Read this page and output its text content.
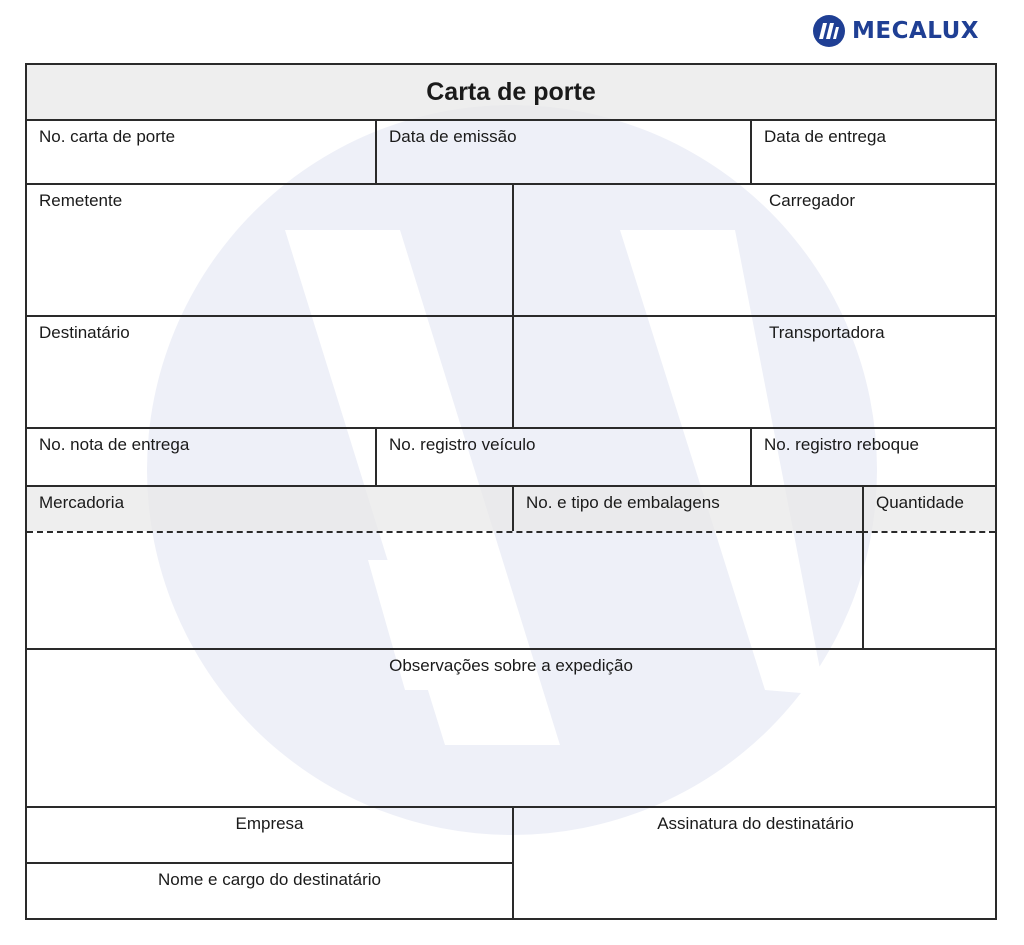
MECALUX
Carta de porte
No. carta de porte	Data de emissão	Data de entrega
Remetente	Carregador
Destinatário	Transportadora
No. nota de entrega	No. registro veículo	No. registro reboque
Mercadoria	No. e tipo de embalagens	Quantidade
Observações sobre a expedição
Empresa
Nome e cargo do destinatário
Assinatura do destinatário
